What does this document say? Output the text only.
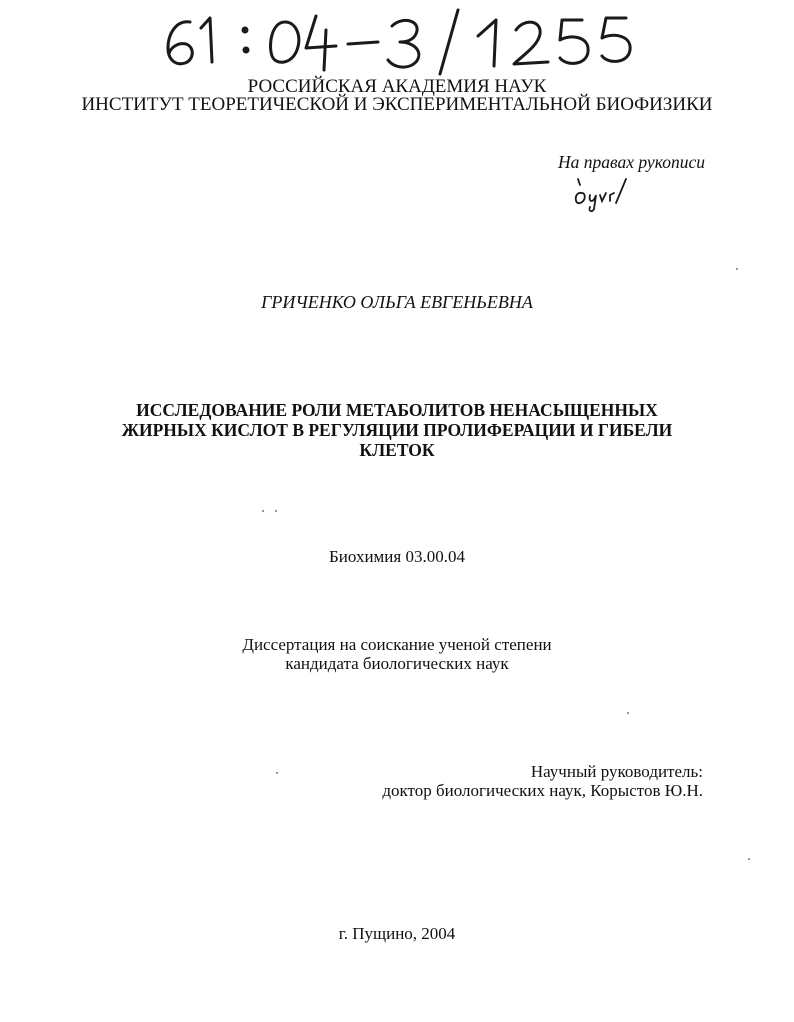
РОССИЙСКАЯ АКАДЕМИЯ НАУК
ИНСТИТУТ ТЕОРЕТИЧЕСКОЙ И ЭКСПЕРИМЕНТАЛЬНОЙ БИОФИЗИКИ
На правах рукописи
ГРИЧЕНКО ОЛЬГА ЕВГЕНЬЕВНА
ИССЛЕДОВАНИЕ РОЛИ МЕТАБОЛИТОВ НЕНАСЫЩЕННЫХ
ЖИРНЫХ КИСЛОТ В РЕГУЛЯЦИИ ПРОЛИФЕРАЦИИ И ГИБЕЛИ
КЛЕТОК
Биохимия 03.00.04
Диссертация на соискание ученой степени
кандидата биологических наук
Научный руководитель:
доктор биологических наук, Корыстов Ю.Н.
г. Пущино, 2004
